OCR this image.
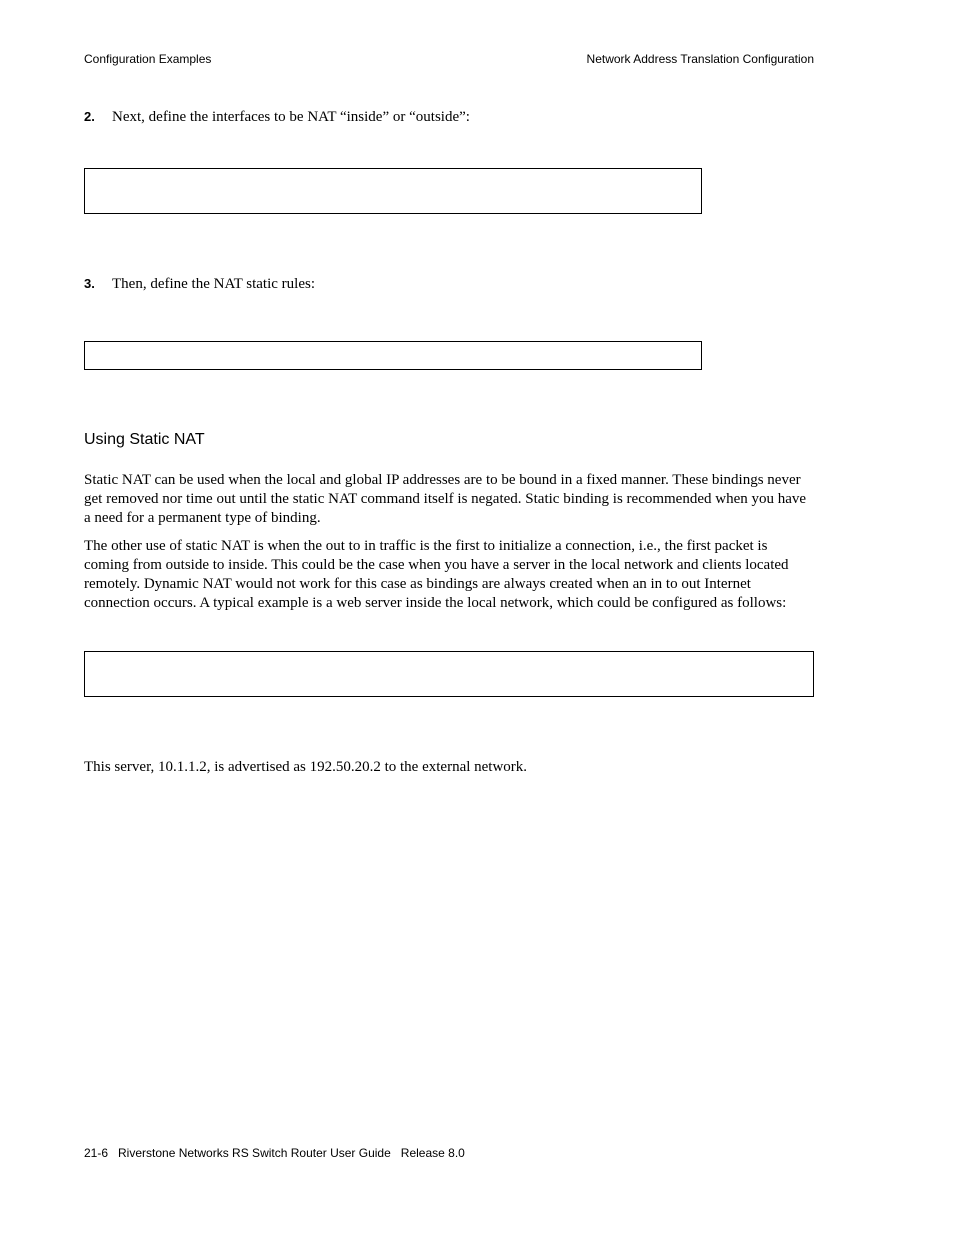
Configuration Examples	Network Address Translation Configuration
2. Next, define the interfaces to be NAT “inside” or “outside”:
3. Then, define the NAT static rules:
Using Static NAT

Static NAT can be used when the local and global IP addresses are to be bound in a fixed manner. These bindings never get removed nor time out until the static NAT command itself is negated. Static binding is recommended when you have a need for a permanent type of binding.

The other use of static NAT is when the out to in traffic is the first to initialize a connection, i.e., the first packet is coming from outside to inside. This could be the case when you have a server in the local network and clients located remotely. Dynamic NAT would not work for this case as bindings are always created when an in to out Internet connection occurs. A typical example is a web server inside the local network, which could be configured as follows:

This server, 10.1.1.2, is advertised as 192.50.20.2 to the external network.

21-6   Riverstone Networks RS Switch Router User Guide   Release 8.0
